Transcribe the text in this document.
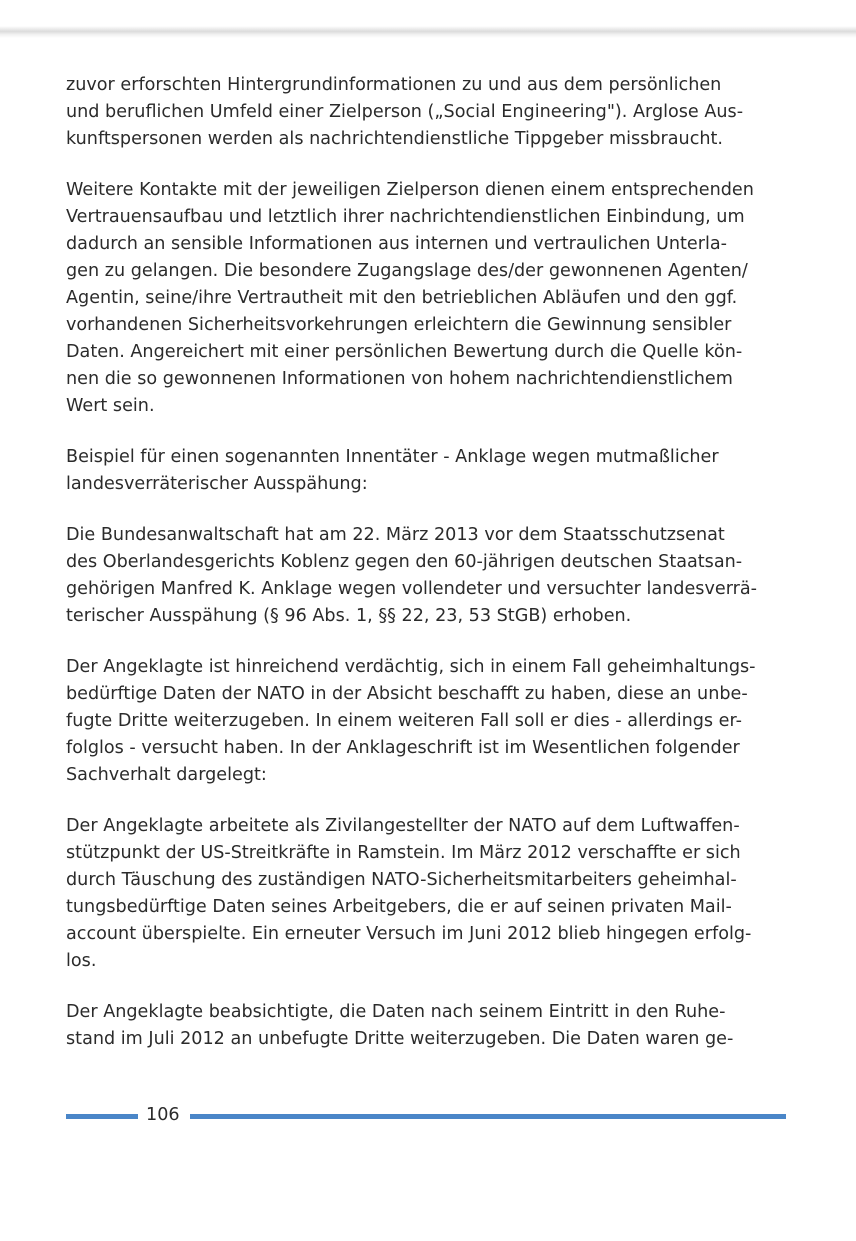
zuvor erforschten Hintergrundinformationen zu und aus dem persönlichen
und beruflichen Umfeld einer Zielperson („Social Engineering"). Arglose Aus-
kunftspersonen werden als nachrichtendienstliche Tippgeber missbraucht.

Weitere Kontakte mit der jeweiligen Zielperson dienen einem entsprechenden
Vertrauensaufbau und letztlich ihrer nachrichtendienstlichen Einbindung, um
dadurch an sensible Informationen aus internen und vertraulichen Unterla-
gen zu gelangen. Die besondere Zugangslage des/der gewonnenen Agenten/
Agentin, seine/ihre Vertrautheit mit den betrieblichen Abläufen und den ggf.
vorhandenen Sicherheitsvorkehrungen erleichtern die Gewinnung sensibler
Daten. Angereichert mit einer persönlichen Bewertung durch die Quelle kön-
nen die so gewonnenen Informationen von hohem nachrichtendienstlichem
Wert sein.

Beispiel für einen sogenannten Innentäter - Anklage wegen mutmaßlicher
landesverräterischer Ausspähung:

Die Bundesanwaltschaft hat am 22. März 2013 vor dem Staatsschutzsenat
des Oberlandesgerichts Koblenz gegen den 60-jährigen deutschen Staatsan-
gehörigen Manfred K. Anklage wegen vollendeter und versuchter landesverrä-
terischer Ausspähung (§ 96 Abs. 1, §§ 22, 23, 53 StGB) erhoben.

Der Angeklagte ist hinreichend verdächtig, sich in einem Fall geheimhaltungs-
bedürftige Daten der NATO in der Absicht beschafft zu haben, diese an unbe-
fugte Dritte weiterzugeben. In einem weiteren Fall soll er dies - allerdings er-
folglos - versucht haben. In der Anklageschrift ist im Wesentlichen folgender
Sachverhalt dargelegt:

Der Angeklagte arbeitete als Zivilangestellter der NATO auf dem Luftwaffen-
stützpunkt der US-Streitkräfte in Ramstein. Im März 2012 verschaffte er sich
durch Täuschung des zuständigen NATO-Sicherheitsmitarbeiters geheimhal-
tungsbedürftige Daten seines Arbeitgebers, die er auf seinen privaten Mail-
account überspielte. Ein erneuter Versuch im Juni 2012 blieb hingegen erfolg-
los.

Der Angeklagte beabsichtigte, die Daten nach seinem Eintritt in den Ruhe-
stand im Juli 2012 an unbefugte Dritte weiterzugeben. Die Daten waren ge-

106
